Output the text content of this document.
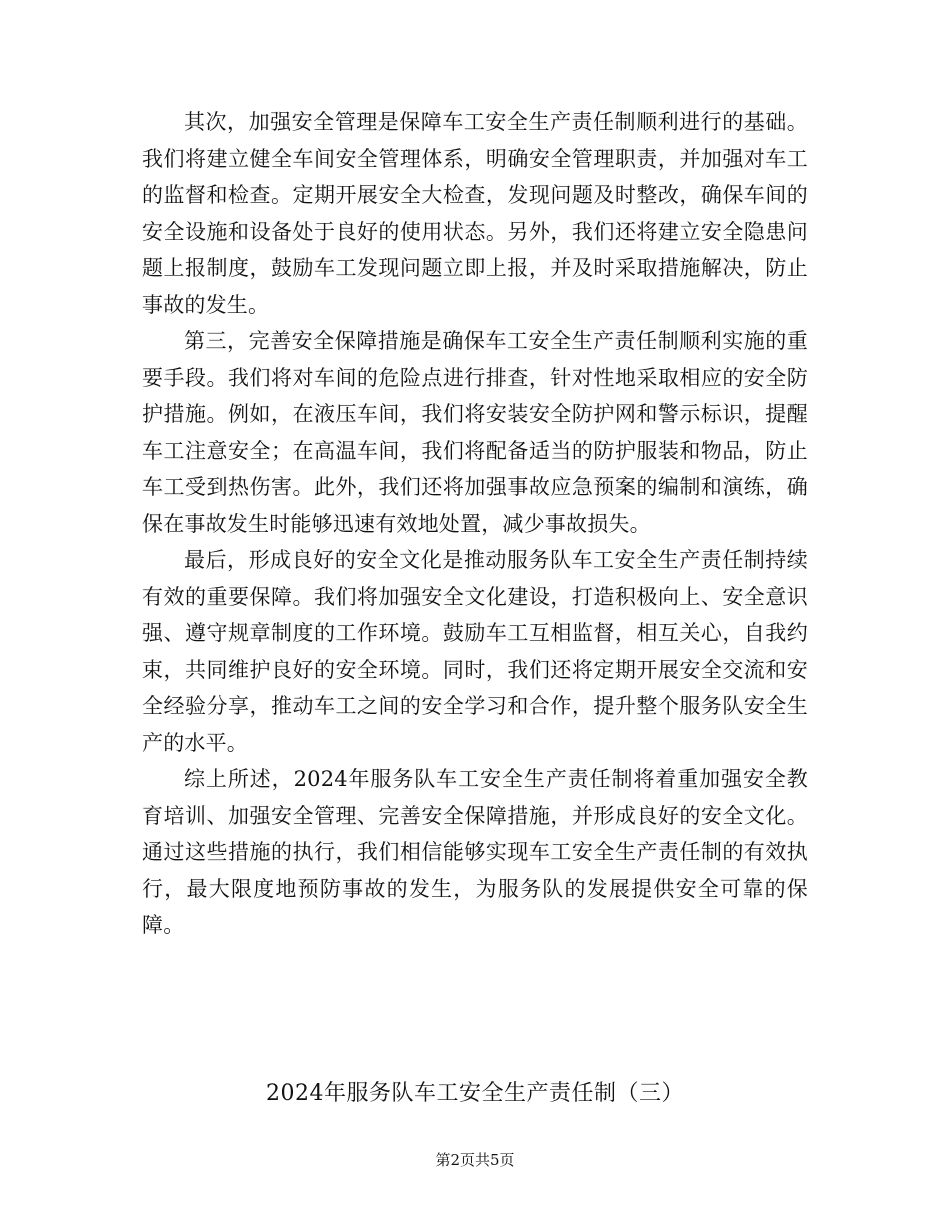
其次，加强安全管理是保障车工安全生产责任制顺利进行的基础。我们将建立健全车间安全管理体系，明确安全管理职责，并加强对车工的监督和检查。定期开展安全大检查，发现问题及时整改，确保车间的安全设施和设备处于良好的使用状态。另外，我们还将建立安全隐患问题上报制度，鼓励车工发现问题立即上报，并及时采取措施解决，防止事故的发生。

第三，完善安全保障措施是确保车工安全生产责任制顺利实施的重要手段。我们将对车间的危险点进行排查，针对性地采取相应的安全防护措施。例如，在液压车间，我们将安装安全防护网和警示标识，提醒车工注意安全；在高温车间，我们将配备适当的防护服装和物品，防止车工受到热伤害。此外，我们还将加强事故应急预案的编制和演练，确保在事故发生时能够迅速有效地处置，减少事故损失。

最后，形成良好的安全文化是推动服务队车工安全生产责任制持续有效的重要保障。我们将加强安全文化建设，打造积极向上、安全意识强、遵守规章制度的工作环境。鼓励车工互相监督，相互关心，自我约束，共同维护良好的安全环境。同时，我们还将定期开展安全交流和安全经验分享，推动车工之间的安全学习和合作，提升整个服务队安全生产的水平。

综上所述，2024年服务队车工安全生产责任制将着重加强安全教育培训、加强安全管理、完善安全保障措施，并形成良好的安全文化。通过这些措施的执行，我们相信能够实现车工安全生产责任制的有效执行，最大限度地预防事故的发生，为服务队的发展提供安全可靠的保障。

2024年服务队车工安全生产责任制（三）
第2页共5页
